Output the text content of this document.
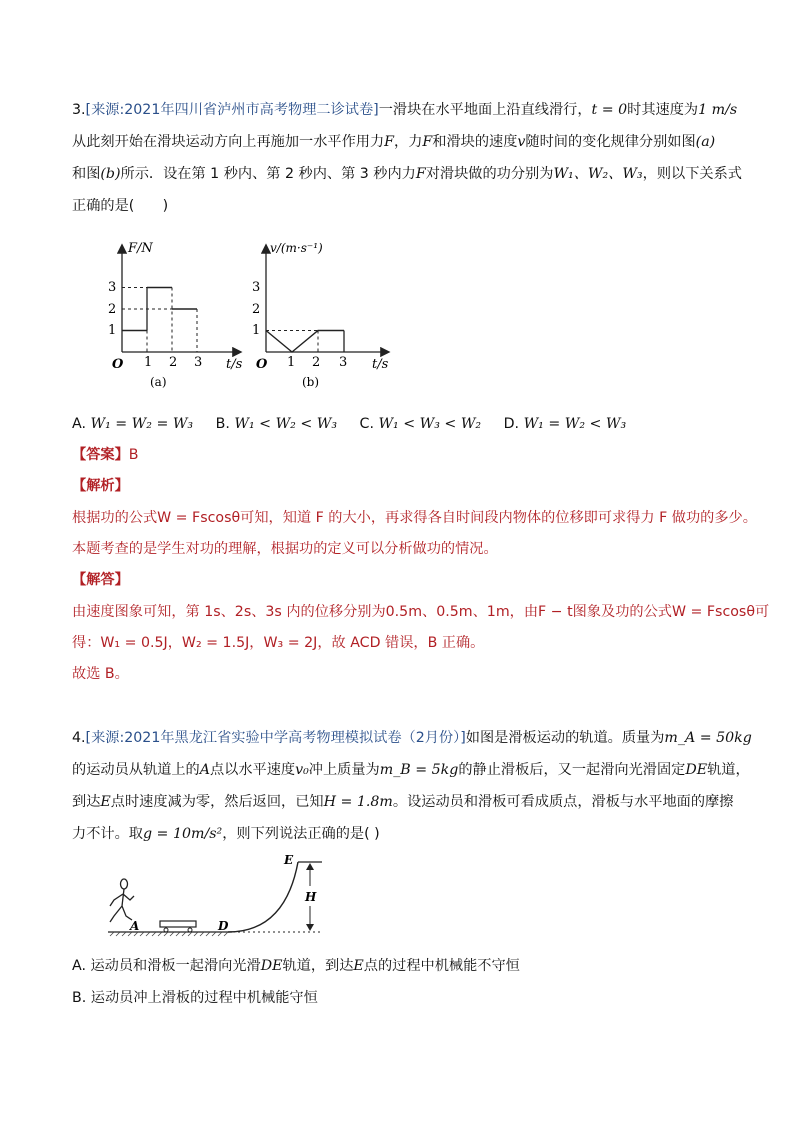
3.[来源:2021年四川省泸州市高考物理二诊试卷]一滑块在水平地面上沿直线滑行，t = 0时其速度为1 m/s
从此刻开始在滑块运动方向上再施加一水平作用力F，力F和滑块的速度v随时间的变化规律分别如图(a)
和图(b)所示．设在第 1 秒内、第 2 秒内、第 3 秒内力F对滑块做的功分别为W₁、W₂、W₃，则以下关系式
正确的是(　　)
F/N
t/s
O
1
2
3
1 2 3
(a)
v/(m·s⁻¹)
t/s
O
1
2
3
1 2 3
(b)
A. W₁ = W₂ = W₃ B. W₁ < W₂ < W₃ C. W₁ < W₃ < W₂ D. W₁ = W₂ < W₃
【答案】B
【解析】
根据功的公式W = Fscosθ可知，知道 F 的大小，再求得各自时间段内物体的位移即可求得力 F 做功的多少。
本题考查的是学生对功的理解，根据功的定义可以分析做功的情况。
【解答】
由速度图象可知，第 1s、2s、3s 内的位移分别为0.5m、0.5m、1m，由F − t图象及功的公式W = Fscosθ可
得：W₁ = 0.5J，W₂ = 1.5J，W₃ = 2J，故 ACD 错误，B 正确。
故选 B。
4.[来源:2021年黑龙江省实验中学高考物理模拟试卷（2月份）]如图是滑板运动的轨道。质量为m_A = 50kg
的运动员从轨道上的A点以水平速度v₀冲上质量为m_B = 5kg的静止滑板后，又一起滑向光滑固定DE轨道，
到达E点时速度减为零，然后返回，已知H = 1.8m。设运动员和滑板可看成质点，滑板与水平地面的摩擦
力不计。取g = 10m/s²，则下列说法正确的是( )
H
A	D
E
A. 运动员和滑板一起滑向光滑DE轨道，到达E点的过程中机械能不守恒
B. 运动员冲上滑板的过程中机械能守恒
